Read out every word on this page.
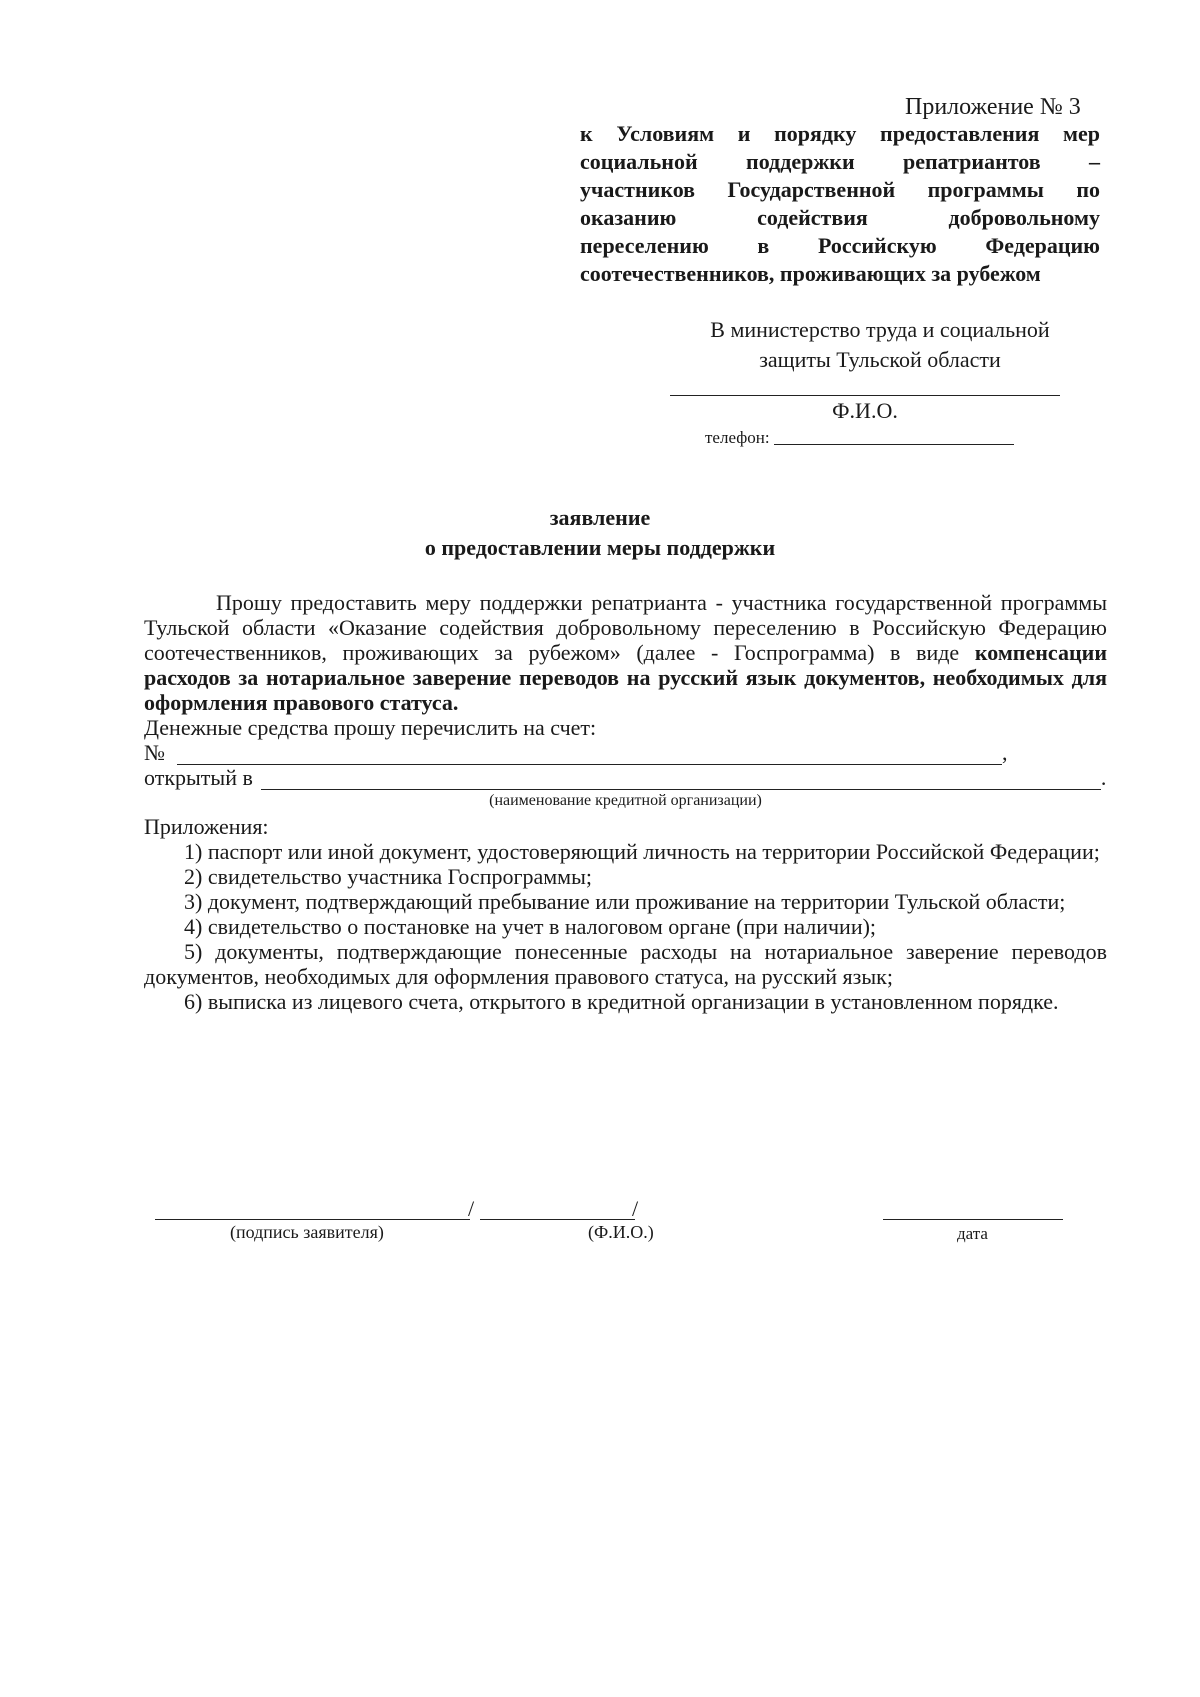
Приложение № 3
к Условиям и порядку предоставления мер
социальной поддержки репатриантов –
участников Государственной программы по
оказанию содействия добровольному
переселению в Российскую Федерацию
соотечественников, проживающих за рубежом
В министерство труда и социальной
защиты Тульской области
Ф.И.О.
телефон:
заявление
о предоставлении меры поддержки

Прошу предоставить меру поддержки репатрианта - участника государственной программы Тульской области «Оказание содействия добровольному переселению в Российскую Федерацию соотечественников, проживающих за рубежом» (далее - Госпрограмма) в виде компенсации расходов за нотариальное заверение переводов на русский язык документов, необходимых для оформления правового статуса.

Денежные средства прошу перечислить на счет:

№	,
открытый в	.
(наименование кредитной организации)

Приложения:

1) паспорт или иной документ, удостоверяющий личность на территории Российской Федерации;

2) свидетельство участника Госпрограммы;

3) документ, подтверждающий пребывание или проживание на территории Тульской области;

4) свидетельство о постановке на учет в налоговом органе (при наличии);

5) документы, подтверждающие понесенные расходы на нотариальное заверение переводов документов, необходимых для оформления правового статуса, на русский язык;

6) выписка из лицевого счета, открытого в кредитной организации в установленном порядке.

/	/
(подпись заявителя)	(Ф.И.О.)	дата
